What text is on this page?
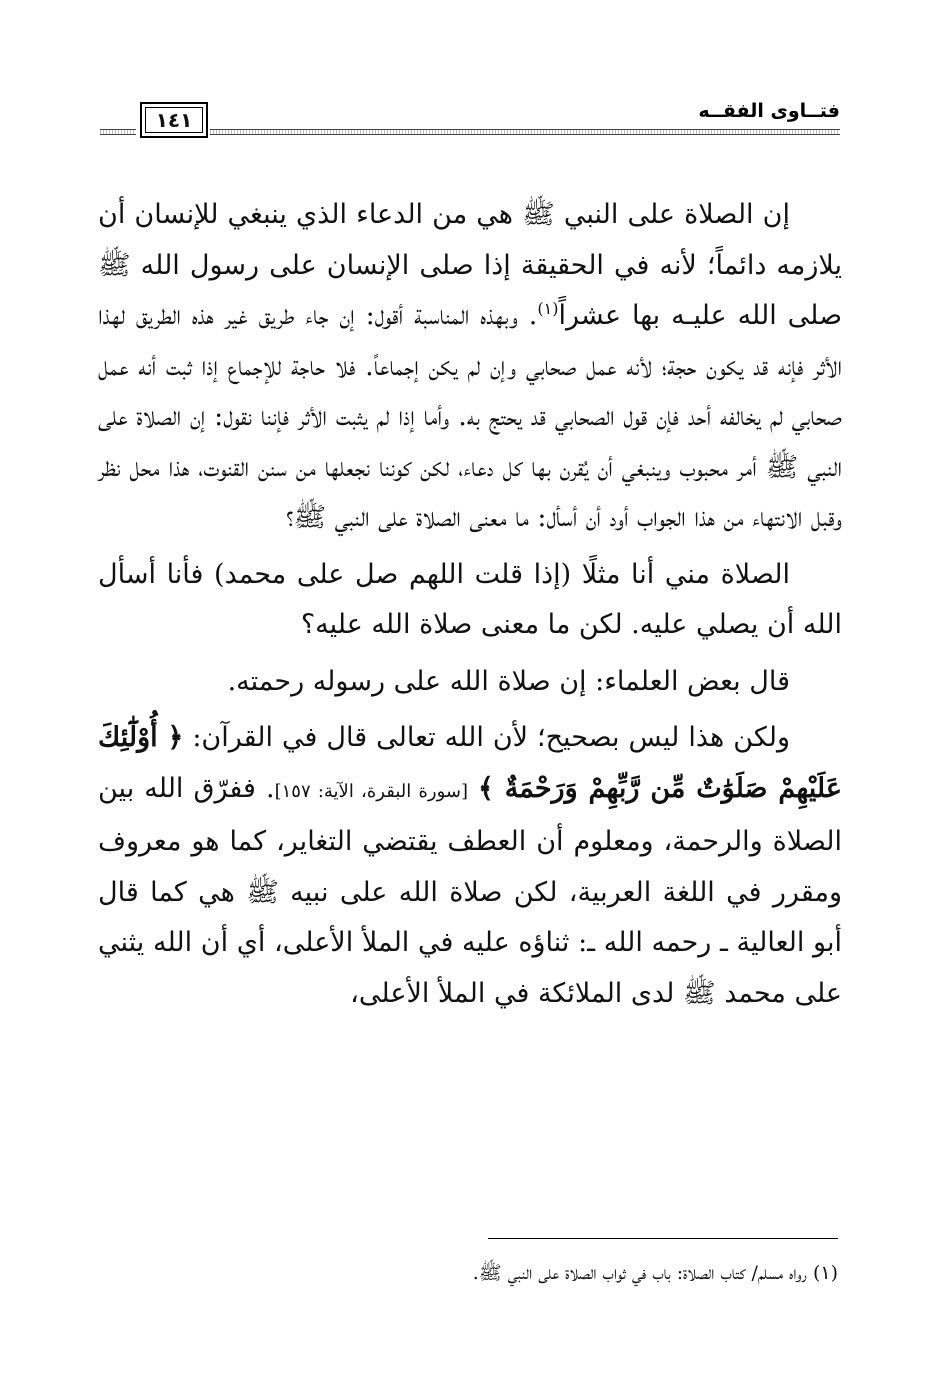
فتــاوى الفقــه
١٤١

إن الصلاة على النبي ﷺ هي من الدعاء الذي ينبغي للإنسان أن يلازمه دائماً؛ لأنه في الحقيقة إذا صلى الإنسان على رسول الله ﷺ صلى الله عليـه بها عشراً$^{(١)}$. وبهذه المناسبة أقول: إن جاء طريق غير هذه الطريق لهذا الأثر فإنه قد يكون حجة؛ لأنه عمل صحابي وإن لم يكن إجماعاً. فلا حاجة للإجماع إذا ثبت أنه عمل صحابي لم يخالفه أحد فإن قول الصحابي قد يحتج به. وأما إذا لم يثبت الأثر فإننا نقول: إن الصلاة على النبي ﷺ أمر محبوب وينبغي أن يُقرن بها كل دعاء، لكن كوننا نجعلها من سنن القنوت، هذا محل نظر وقبل الانتهاء من هذا الجواب أود أن أسأل: ما معنى الصلاة على النبي ﷺ؟

الصلاة مني أنا مثلًا (إذا قلت اللهم صل على محمد) فأنا أسأل الله أن يصلي عليه. لكن ما معنى صلاة الله عليه؟

قال بعض العلماء: إن صلاة الله على رسوله رحمته.

ولكن هذا ليس بصحيح؛ لأن الله تعالى قال في القرآن: ﴿ أُوْلَٰٓئِكَ عَلَيْهِمْ صَلَوَٰتٌ مِّن رَّبِّهِمْ وَرَحْمَةٌ ﴾ [سورة البقرة، الآية: ١٥٧]. ففرّق الله بين الصلاة والرحمة، ومعلوم أن العطف يقتضي التغاير، كما هو معروف ومقرر في اللغة العربية، لكن صلاة الله على نبيه ﷺ هي كما قال أبو العالية ـ رحمه الله ـ: ثناؤه عليه في الملأ الأعلى، أي أن الله يثني على محمد ﷺ لدى الملائكة في الملأ الأعلى،

(١) رواه مسلم/ كتاب الصلاة: باب في ثواب الصلاة على النبي ﷺ.
